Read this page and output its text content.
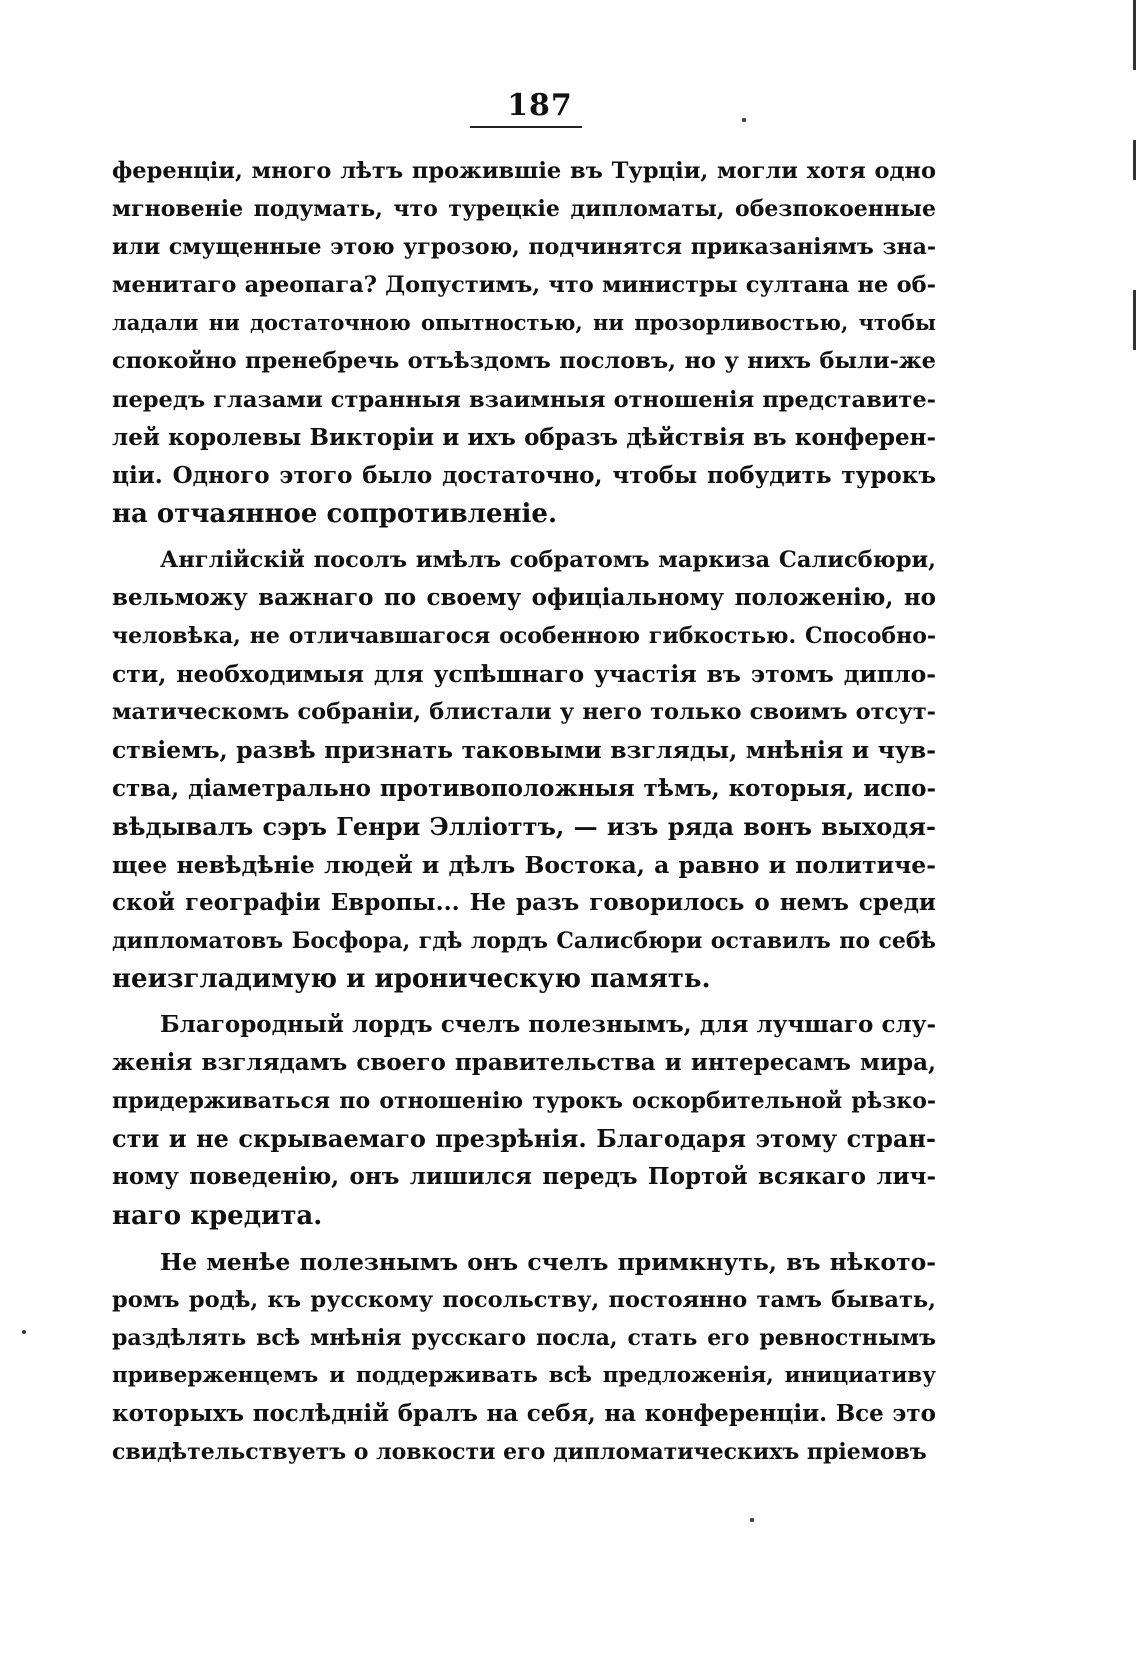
187
ференціи, много лѣтъ прожившіе въ Турціи, могли хотя одно
мгновеніе подумать, что турецкіе дипломаты, обезпокоенные
или смущенные этою угрозою, подчинятся приказаніямъ зна-
менитаго ареопага? Допустимъ, что министры султана не об-
ладали ни достаточною опытностью, ни прозорливостью, чтобы
спокойно пренебречь отъѣздомъ пословъ, но у нихъ были-же
передъ глазами странныя взаимныя отношенія представите-
лей королевы Викторіи и ихъ образъ дѣйствія въ конферен-
ціи. Одного этого было достаточно, чтобы побудить турокъ
на отчаянное сопротивленіе.
Англійскій посолъ имѣлъ собратомъ маркиза Салисбюри,
вельможу важнаго по своему офиціальному положенію, но
человѣка, не отличавшагося особенною гибкостью. Способно-
сти, необходимыя для успѣшнаго участія въ этомъ дипло-
матическомъ собраніи, блистали у него только своимъ отсут-
ствіемъ, развѣ признать таковыми взгляды, мнѣнія и чув-
ства, діаметрально противоположныя тѣмъ, которыя, испо-
вѣдывалъ сэръ Генри Эллiоттъ, — изъ ряда вонъ выходя-
щее невѣдѣніе людей и дѣлъ Востока, а равно и политиче-
ской географіи Европы... Не разъ говорилось о немъ среди
дипломатовъ Босфора, гдѣ лордъ Салисбюри оставилъ по себѣ
неизгладимую и ироническую память.
Благородный лордъ счелъ полезнымъ, для лучшаго слу-
женія взглядамъ своего правительства и интересамъ мира,
придерживаться по отношенію турокъ оскорбительной рѣзко-
сти и не скрываемаго презрѣнія. Благодаря этому стран-
ному поведенію, онъ лишился передъ Портой всякаго лич-
наго кредита.
Не менѣе полезнымъ онъ счелъ примкнуть, въ нѣкото-
ромъ родѣ, къ русскому посольству, постоянно тамъ бывать,
раздѣлять всѣ мнѣнія русскаго посла, стать его ревностнымъ
приверженцемъ и поддерживать всѣ предложенія, инициативу
которыхъ послѣдній бралъ на себя, на конференціи. Все это
свидѣтельствуетъ о ловкости его дипломатическихъ пріемовъ
